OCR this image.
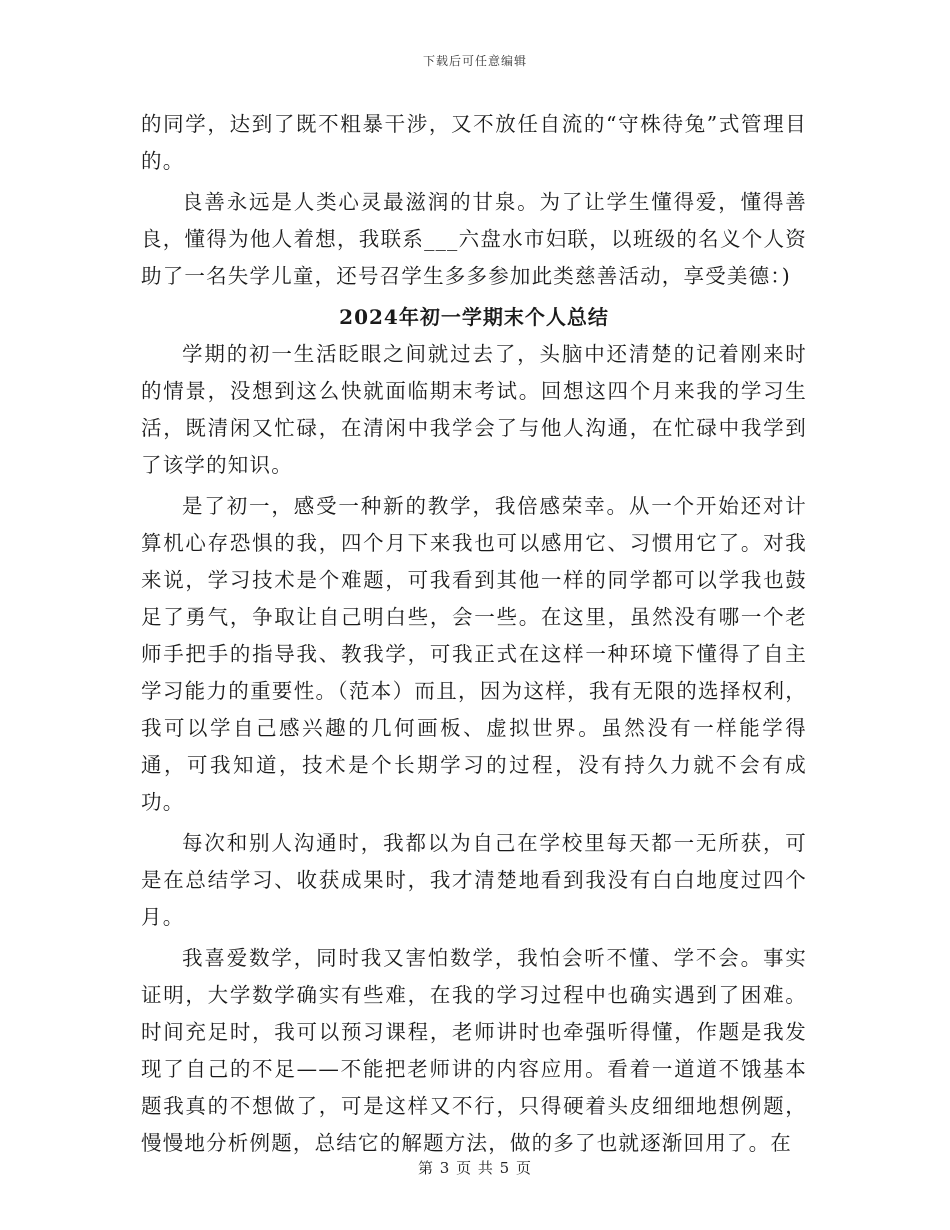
下载后可任意编辑

的同学，达到了既不粗暴干涉，又不放任自流的“守株待兔”式管理目的。

良善永远是人类心灵最滋润的甘泉。为了让学生懂得爱，懂得善良，懂得为他人着想，我联系___六盘水市妇联，以班级的名义个人资助了一名失学儿童，还号召学生多多参加此类慈善活动，享受美德：)

2024年初一学期末个人总结

学期的初一生活眨眼之间就过去了，头脑中还清楚的记着刚来时的情景，没想到这么快就面临期末考试。回想这四个月来我的学习生活，既清闲又忙碌，在清闲中我学会了与他人沟通，在忙碌中我学到了该学的知识。

是了初一，感受一种新的教学，我倍感荣幸。从一个开始还对计算机心存恐惧的我，四个月下来我也可以感用它、习惯用它了。对我来说，学习技术是个难题，可我看到其他一样的同学都可以学我也鼓足了勇气，争取让自己明白些，会一些。在这里，虽然没有哪一个老师手把手的指导我、教我学，可我正式在这样一种环境下懂得了自主学习能力的重要性。（范本）而且，因为这样，我有无限的选择权利，我可以学自己感兴趣的几何画板、虚拟世界。虽然没有一样能学得通，可我知道，技术是个长期学习的过程，没有持久力就不会有成功。

每次和别人沟通时，我都以为自己在学校里每天都一无所获，可是在总结学习、收获成果时，我才清楚地看到我没有白白地度过四个月。

我喜爱数学，同时我又害怕数学，我怕会听不懂、学不会。事实证明，大学数学确实有些难，在我的学习过程中也确实遇到了困难。时间充足时，我可以预习课程，老师讲时也牵强听得懂，作题是我发现了自己的不足——不能把老师讲的内容应用。看着一道道不饿基本题我真的不想做了，可是这样又不行，只得硬着头皮细细地想例题，慢慢地分析例题，总结它的解题方法，做的多了也就逐渐回用了。在

第 3 页 共 5 页
